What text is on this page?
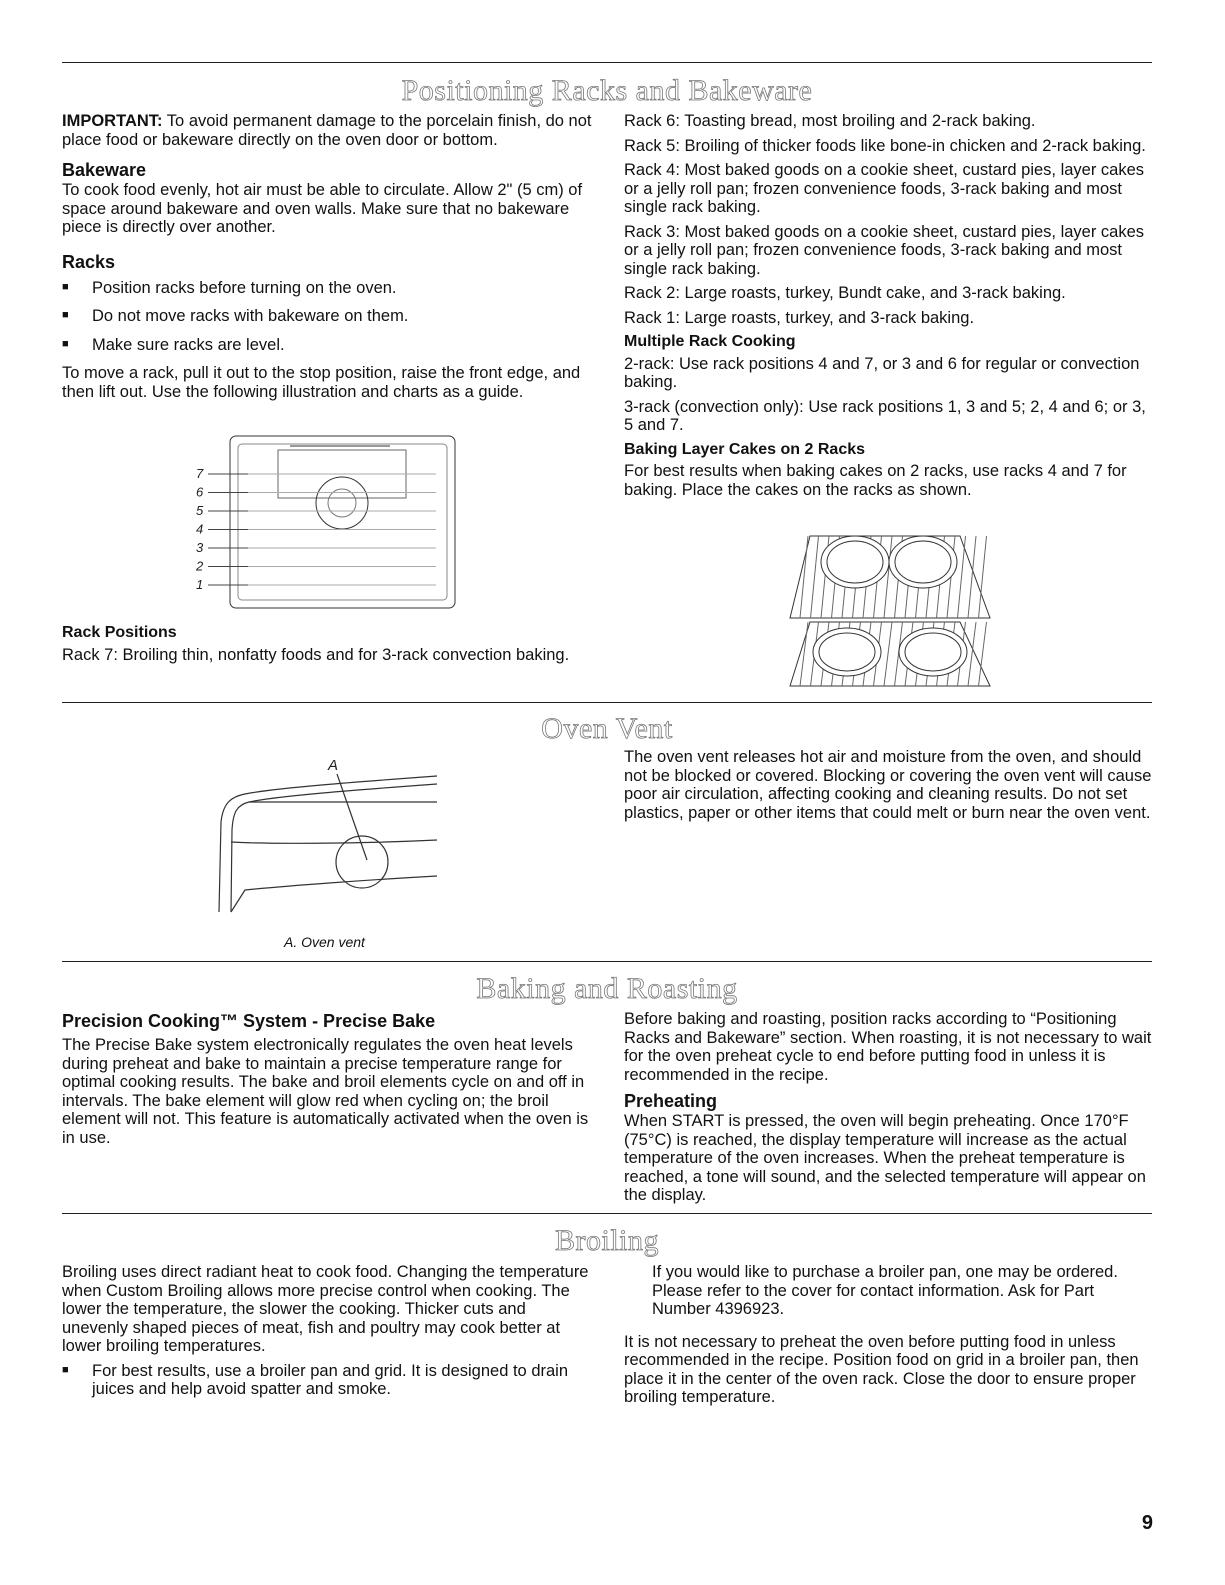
Positioning Racks and Bakeware

IMPORTANT: To avoid permanent damage to the porcelain finish, do not place food or bakeware directly on the oven door or bottom.

Bakeware

To cook food evenly, hot air must be able to circulate. Allow 2" (5 cm) of space around bakeware and oven walls. Make sure that no bakeware piece is directly over another.

Racks
■ Position racks before turning on the oven.
■ Do not move racks with bakeware on them.
■ Make sure racks are level.

To move a rack, pull it out to the stop position, raise the front edge, and then lift out. Use the following illustration and charts as a guide.

7
6
5
4
3
2
1
Rack Positions

Rack 7: Broiling thin, nonfatty foods and for 3-rack convection baking.

Rack 6: Toasting bread, most broiling and 2-rack baking.

Rack 5: Broiling of thicker foods like bone-in chicken and 2-rack baking.

Rack 4: Most baked goods on a cookie sheet, custard pies, layer cakes or a jelly roll pan; frozen convenience foods, 3-rack baking and most single rack baking.

Rack 3: Most baked goods on a cookie sheet, custard pies, layer cakes or a jelly roll pan; frozen convenience foods, 3-rack baking and most single rack baking.

Rack 2: Large roasts, turkey, Bundt cake, and 3-rack baking.

Rack 1: Large roasts, turkey, and 3-rack baking.

Multiple Rack Cooking

2-rack: Use rack positions 4 and 7, or 3 and 6 for regular or convection baking.

3-rack (convection only): Use rack positions 1, 3 and 5; 2, 4 and 6; or 3, 5 and 7.

Baking Layer Cakes on 2 Racks

For best results when baking cakes on 2 racks, use racks 4 and 7 for baking. Place the cakes on the racks as shown.

Oven Vent
A
A. Oven vent

The oven vent releases hot air and moisture from the oven, and should not be blocked or covered. Blocking or covering the oven vent will cause poor air circulation, affecting cooking and cleaning results. Do not set plastics, paper or other items that could melt or burn near the oven vent.

Baking and Roasting
Precision Cooking™ System - Precise Bake

The Precise Bake system electronically regulates the oven heat levels during preheat and bake to maintain a precise temperature range for optimal cooking results. The bake and broil elements cycle on and off in intervals. The bake element will glow red when cycling on; the broil element will not. This feature is automatically activated when the oven is in use.

Before baking and roasting, position racks according to “Positioning Racks and Bakeware” section. When roasting, it is not necessary to wait for the oven preheat cycle to end before putting food in unless it is recommended in the recipe.

Preheating

When START is pressed, the oven will begin preheating. Once 170°F (75°C) is reached, the display temperature will increase as the actual temperature of the oven increases. When the preheat temperature is reached, a tone will sound, and the selected temperature will appear on the display.

Broiling

Broiling uses direct radiant heat to cook food. Changing the temperature when Custom Broiling allows more precise control when cooking. The lower the temperature, the slower the cooking. Thicker cuts and unevenly shaped pieces of meat, fish and poultry may cook better at lower broiling temperatures.

■ For best results, use a broiler pan and grid. It is designed to drain juices and help avoid spatter and smoke.

If you would like to purchase a broiler pan, one may be ordered. Please refer to the cover for contact information. Ask for Part Number 4396923.

It is not necessary to preheat the oven before putting food in unless recommended in the recipe. Position food on grid in a broiler pan, then place it in the center of the oven rack. Close the door to ensure proper broiling temperature.

9
